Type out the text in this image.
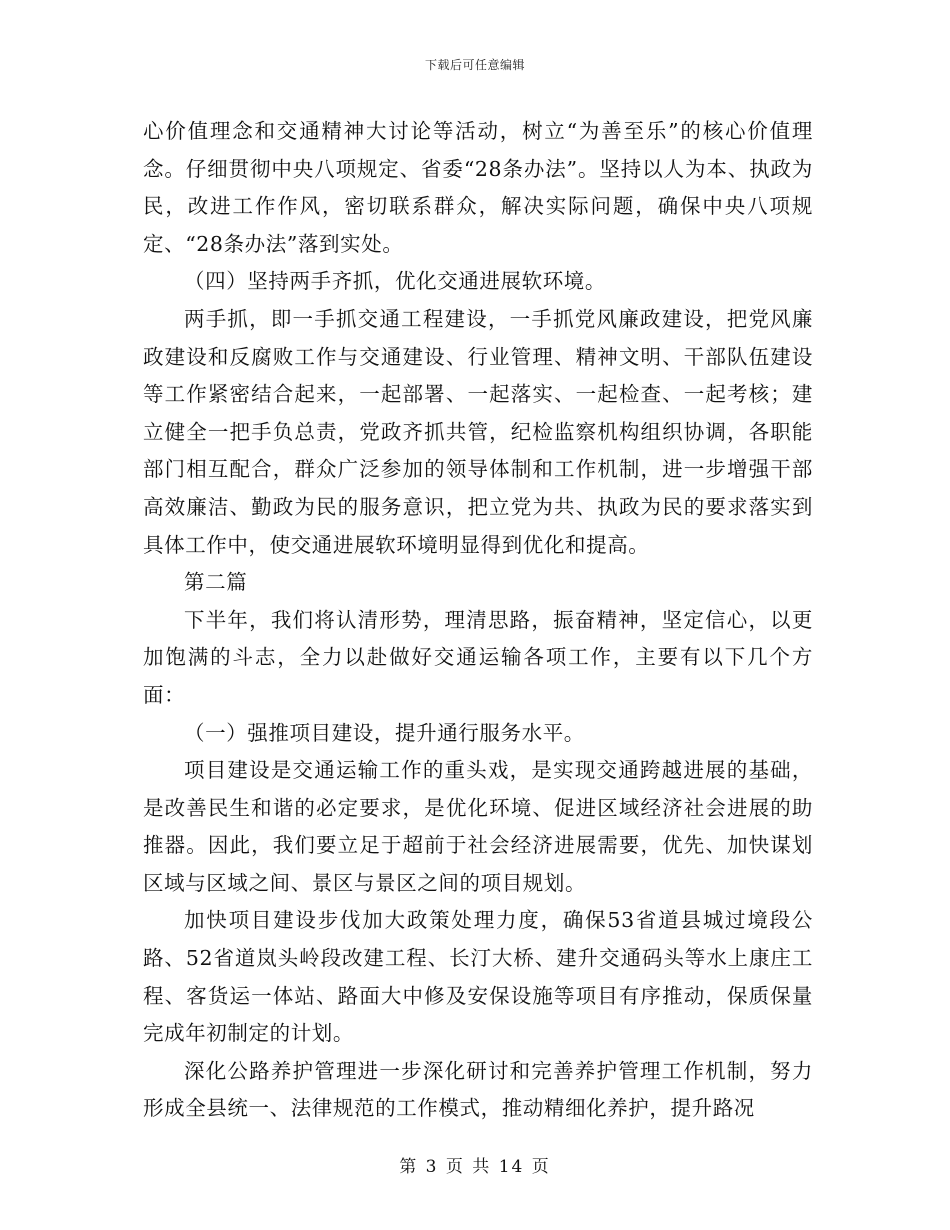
下载后可任意编辑

心价值理念和交通精神大讨论等活动，树立“为善至乐”的核心价值理念。仔细贯彻中央八项规定、省委“28条办法”。坚持以人为本、执政为民，改进工作作风，密切联系群众，解决实际问题，确保中央八项规定、“28条办法”落到实处。

（四）坚持两手齐抓，优化交通进展软环境。

两手抓，即一手抓交通工程建设，一手抓党风廉政建设，把党风廉政建设和反腐败工作与交通建设、行业管理、精神文明、干部队伍建设等工作紧密结合起来，一起部署、一起落实、一起检查、一起考核；建立健全一把手负总责，党政齐抓共管，纪检监察机构组织协调，各职能部门相互配合，群众广泛参加的领导体制和工作机制，进一步增强干部高效廉洁、勤政为民的服务意识，把立党为共、执政为民的要求落实到具体工作中，使交通进展软环境明显得到优化和提高。

第二篇

下半年，我们将认清形势，理清思路，振奋精神，坚定信心，以更加饱满的斗志，全力以赴做好交通运输各项工作，主要有以下几个方面：

（一）强推项目建设，提升通行服务水平。

项目建设是交通运输工作的重头戏，是实现交通跨越进展的基础，是改善民生和谐的必定要求，是优化环境、促进区域经济社会进展的助推器。因此，我们要立足于超前于社会经济进展需要，优先、加快谋划区域与区域之间、景区与景区之间的项目规划。

加快项目建设步伐加大政策处理力度，确保53省道县城过境段公路、52省道岚头岭段改建工程、长汀大桥、建升交通码头等水上康庄工程、客货运一体站、路面大中修及安保设施等项目有序推动，保质保量完成年初制定的计划。

深化公路养护管理进一步深化研讨和完善养护管理工作机制，努力形成全县统一、法律规范的工作模式，推动精细化养护，提升路况

第 3 页 共 14 页
